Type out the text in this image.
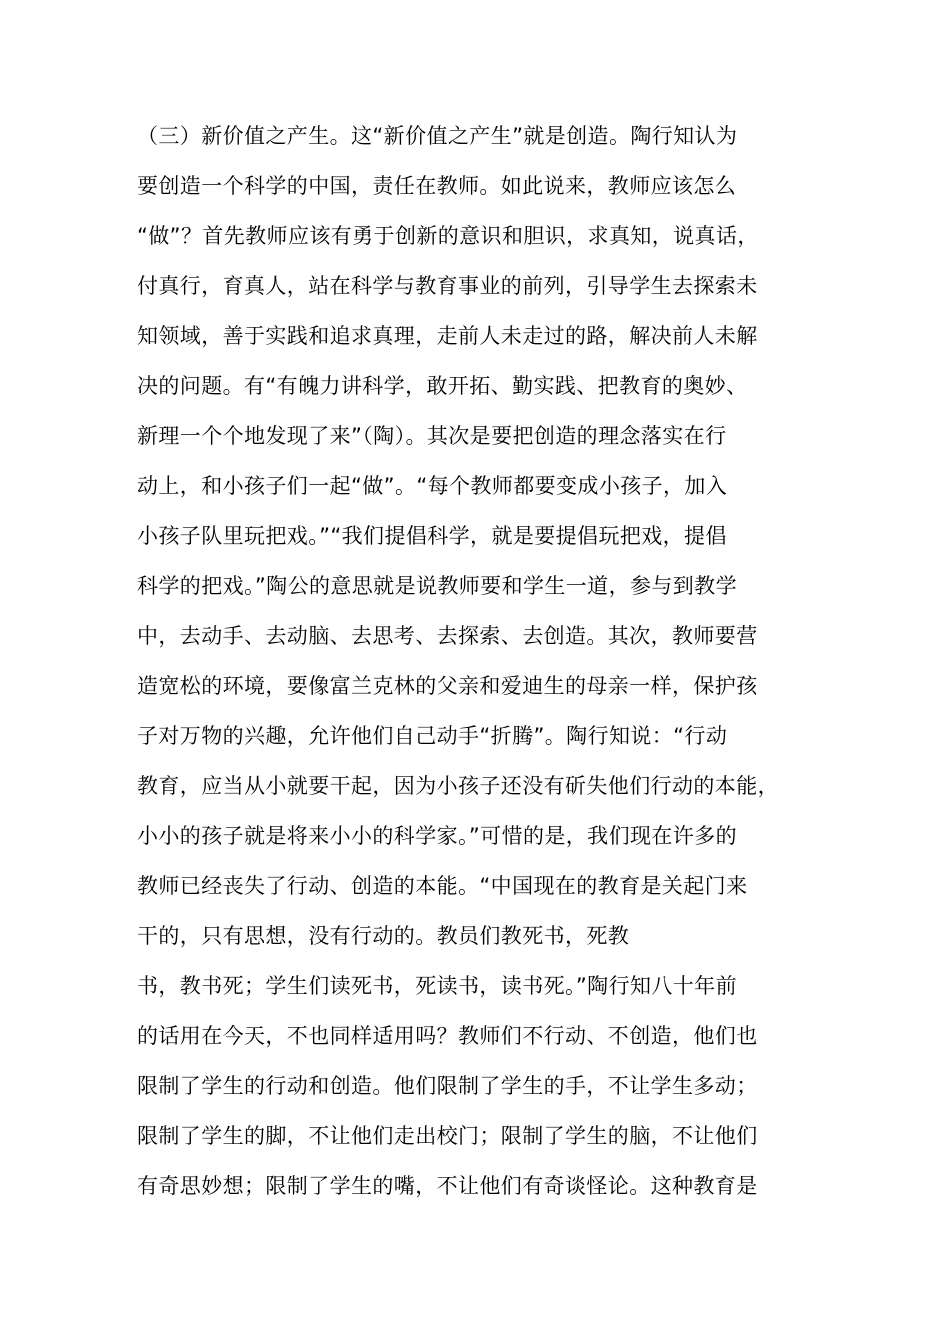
（三）新价值之产生。这“新价值之产生”就是创造。陶行知认为
要创造一个科学的中国，责任在教师。如此说来，教师应该怎么
“做”？首先教师应该有勇于创新的意识和胆识，求真知，说真话，
付真行，育真人，站在科学与教育事业的前列，引导学生去探索未
知领域，善于实践和追求真理，走前人未走过的路，解决前人未解
决的问题。有“有魄力讲科学，敢开拓、勤实践、把教育的奥妙、
新理一个个地发现了来”（陶）。其次是要把创造的理念落实在行
动上，和小孩子们一起“做”。“每个教师都要变成小孩子，加入
小孩子队里玩把戏。”“我们提倡科学，就是要提倡玩把戏，提倡
科学的把戏。”陶公的意思就是说教师要和学生一道，参与到教学
中，去动手、去动脑、去思考、去探索、去创造。其次，教师要营
造宽松的环境，要像富兰克林的父亲和爱迪生的母亲一样，保护孩
子对万物的兴趣，允许他们自己动手“折腾”。陶行知说：“行动
教育，应当从小就要干起，因为小孩子还没有斫失他们行动的本能，
小小的孩子就是将来小小的科学家。”可惜的是，我们现在许多的
教师已经丧失了行动、创造的本能。“中国现在的教育是关起门来
干的，只有思想，没有行动的。教员们教死书，死教
书，教书死；学生们读死书，死读书，读书死。”陶行知八十年前
的话用在今天，不也同样适用吗？教师们不行动、不创造，他们也
限制了学生的行动和创造。他们限制了学生的手，不让学生多动；
限制了学生的脚，不让他们走出校门；限制了学生的脑，不让他们
有奇思妙想；限制了学生的嘴，不让他们有奇谈怪论。这种教育是
